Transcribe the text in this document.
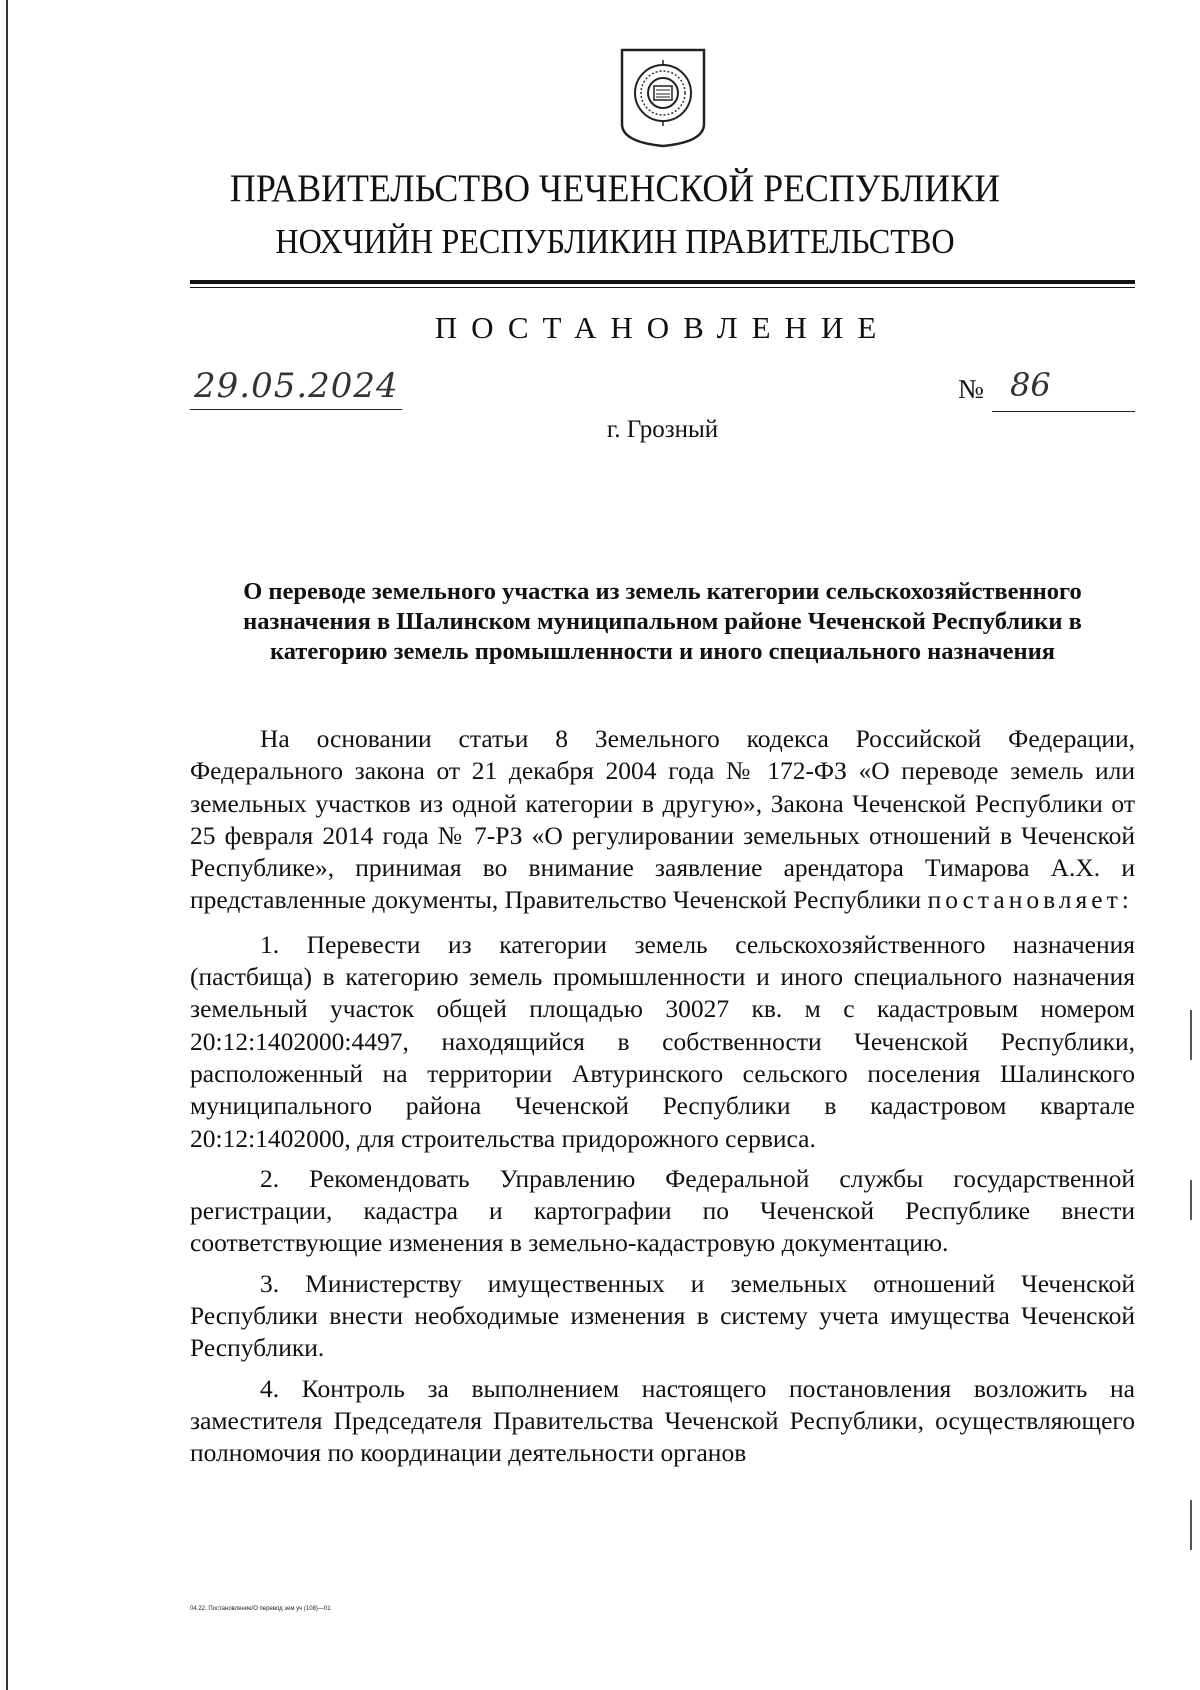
ПРАВИТЕЛЬСТВО ЧЕЧЕНСКОЙ РЕСПУБЛИКИ
НОХЧИЙН РЕСПУБЛИКИН ПРАВИТЕЛЬСТВО
ПОСТАНОВЛЕНИЕ
29.05.2024	№ 86
г. Грозный
О переводе земельного участка из земель категории сельскохозяйственного назначения в Шалинском муниципальном районе Чеченской Республики в категорию земель промышленности и иного специального назначения

На основании статьи 8 Земельного кодекса Российской Федерации, Федерального закона от 21 декабря 2004 года № 172-ФЗ «О переводе земель или земельных участков из одной категории в другую», Закона Чеченской Республики от 25 февраля 2014 года № 7-РЗ «О регулировании земельных отношений в Чеченской Республике», принимая во внимание заявление арендатора Тимарова А.Х. и представленные документы, Правительство Чеченской Республики постановляет:

1. Перевести из категории земель сельскохозяйственного назначения (пастбища) в категорию земель промышленности и иного специального назначения земельный участок общей площадью 30027 кв. м с кадастровым номером 20:12:1402000:4497, находящийся в собственности Чеченской Республики, расположенный на территории Автуринского сельского поселения Шалинского муниципального района Чеченской Республики в кадастровом квартале 20:12:1402000, для строительства придорожного сервиса.

2. Рекомендовать Управлению Федеральной службы государственной регистрации, кадастра и картографии по Чеченской Республике внести соответствующие изменения в земельно-кадастровую документацию.

3. Министерству имущественных и земельных отношений Чеченской Республики внести необходимые изменения в систему учета имущества Чеченской Республики.

4. Контроль за выполнением настоящего постановления возложить на заместителя Председателя Правительства Чеченской Республики, осуществляющего полномочия по координации деятельности органов

04.22. Постановление/О перевод зем уч (108)—01
